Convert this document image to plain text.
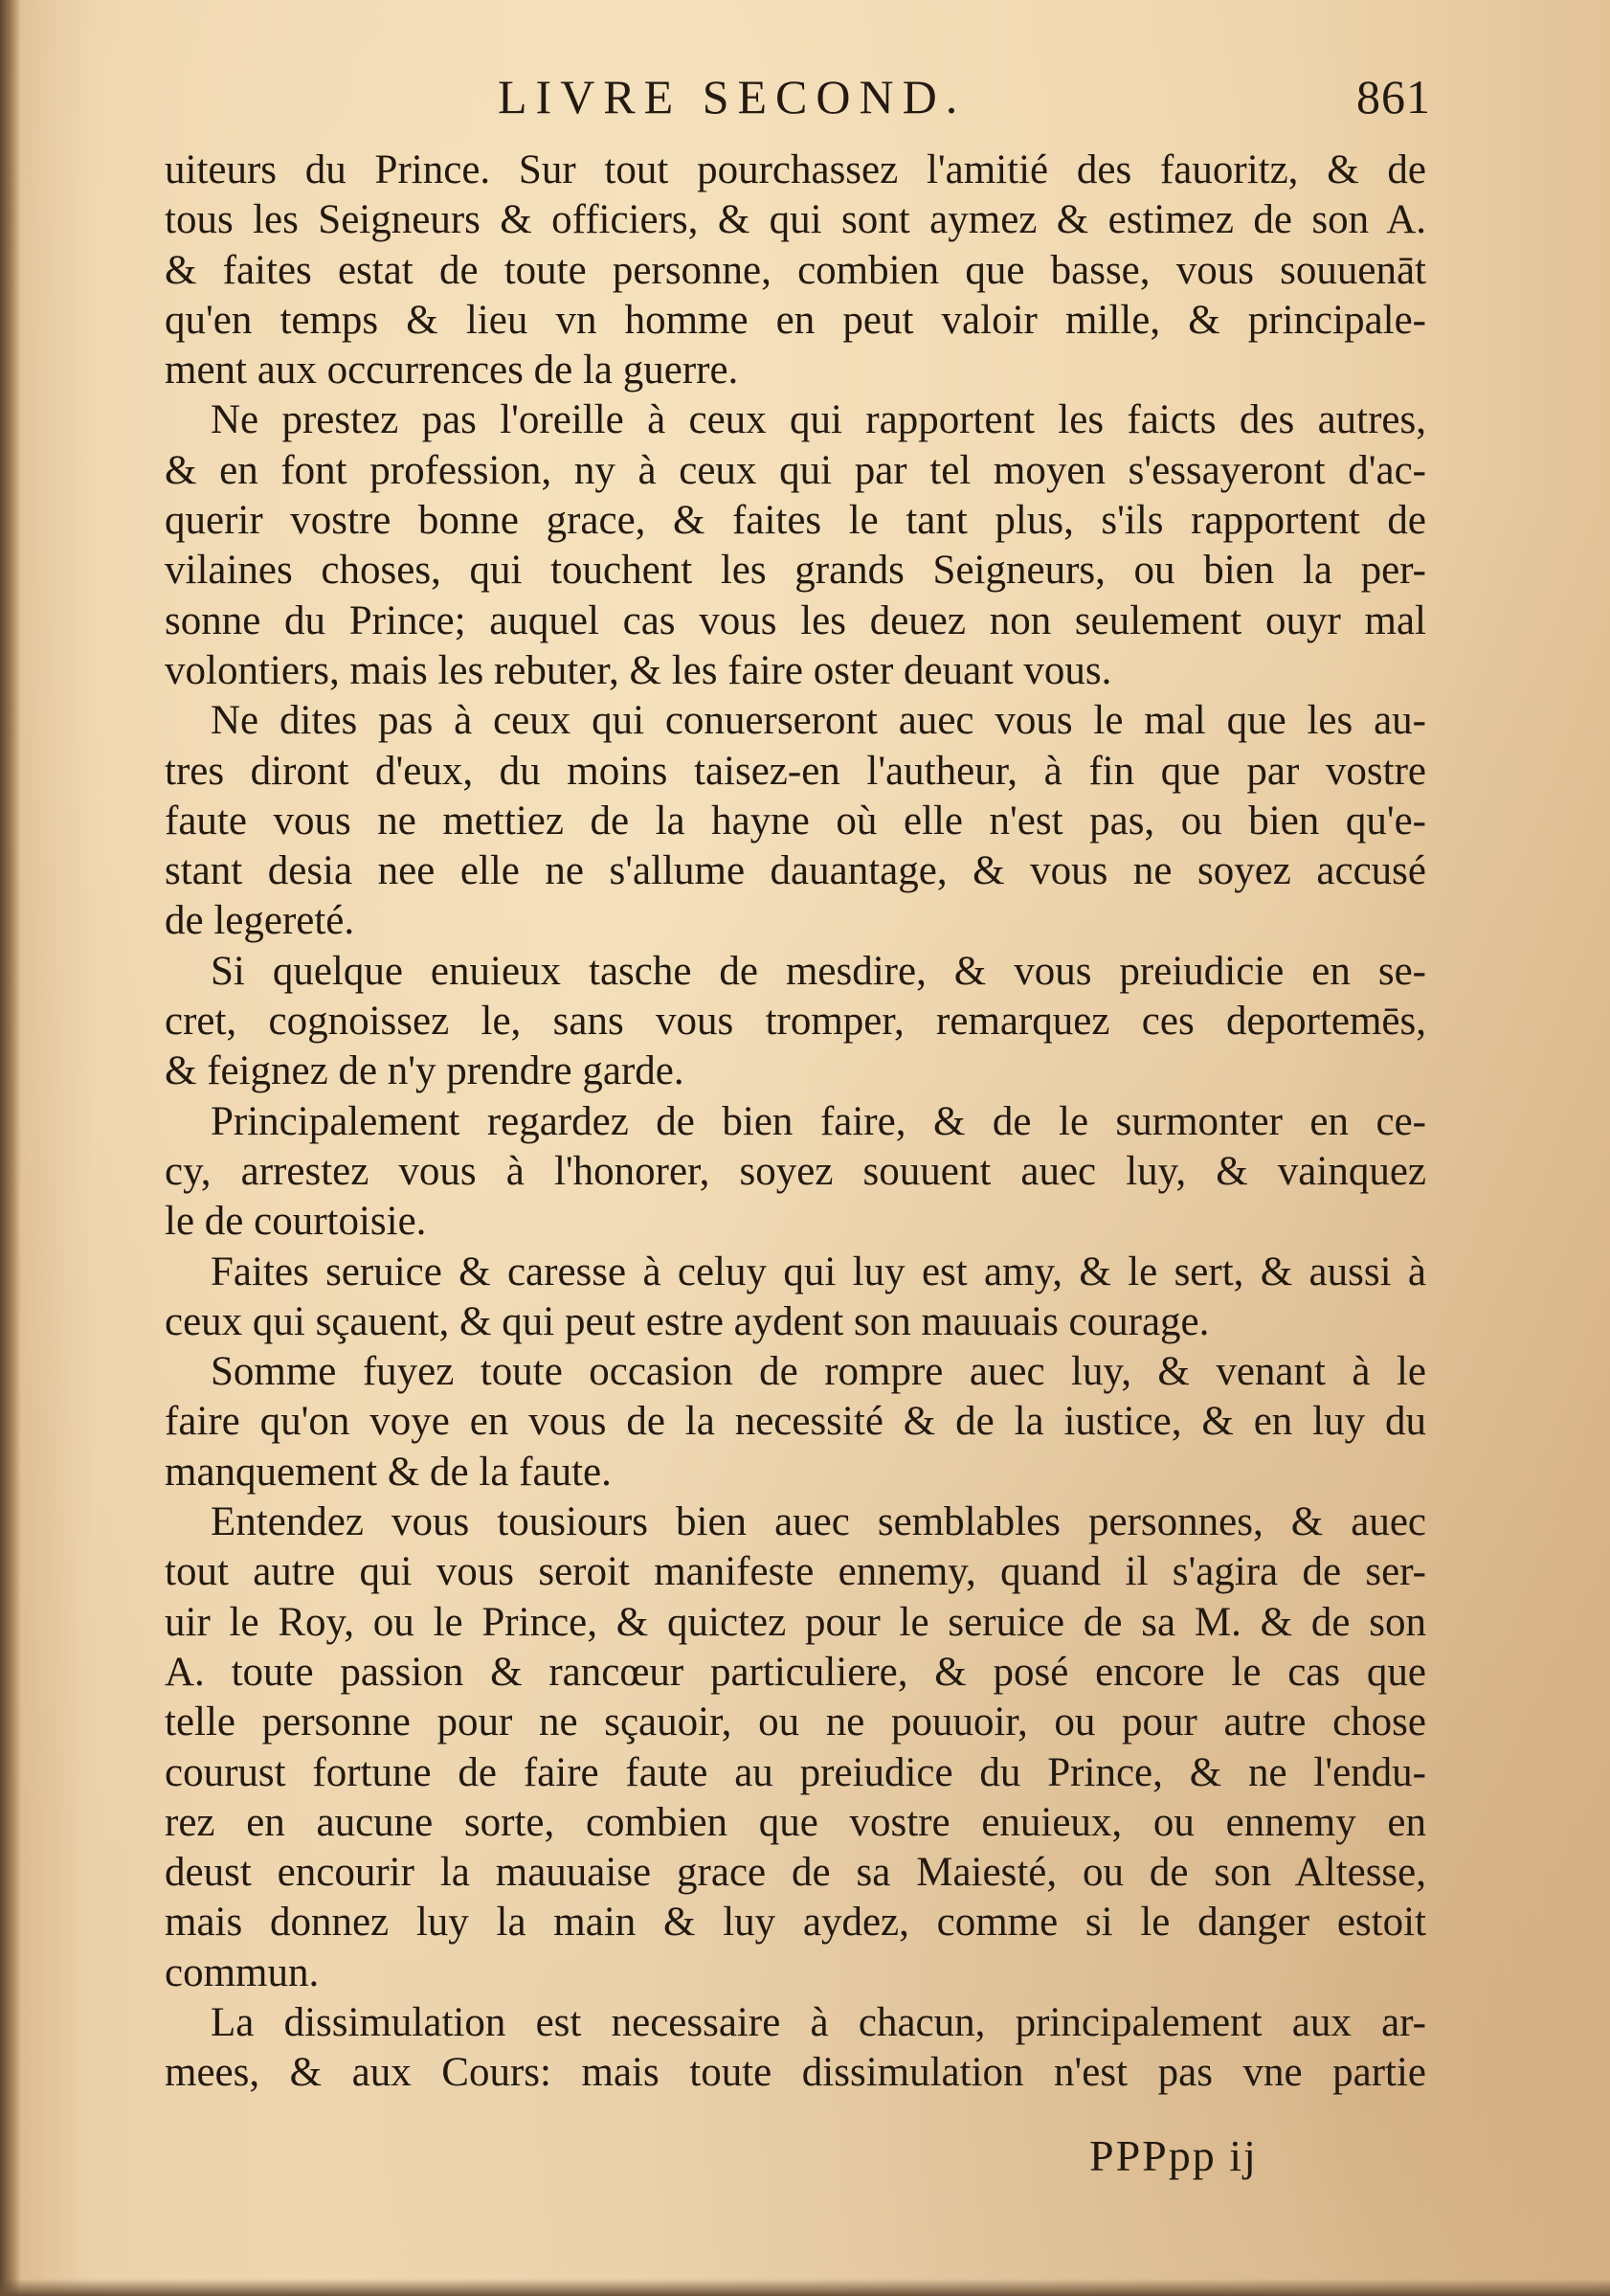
LIVRE SECOND.	861
uiteurs du Prince. Sur tout pourchassez l'amitié des fauoritz, & de
tous les Seigneurs & officiers, & qui sont aymez & estimez de son A.
& faites estat de toute personne, combien que basse, vous souuenāt
qu'en temps & lieu vn homme en peut valoir mille, & principale-
ment aux occurrences de la guerre.
Ne prestez pas l'oreille à ceux qui rapportent les faicts des autres,
& en font profession, ny à ceux qui par tel moyen s'essayeront d'ac-
querir vostre bonne grace, & faites le tant plus, s'ils rapportent de
vilaines choses, qui touchent les grands Seigneurs, ou bien la per-
sonne du Prince; auquel cas vous les deuez non seulement ouyr mal
volontiers, mais les rebuter, & les faire oster deuant vous.
Ne dites pas à ceux qui conuerseront auec vous le mal que les au-
tres diront d'eux, du moins taisez-en l'autheur, à fin que par vostre
faute vous ne mettiez de la hayne où elle n'est pas, ou bien qu'e-
stant desia nee elle ne s'allume dauantage, & vous ne soyez accusé
de legereté.
Si quelque enuieux tasche de mesdire, & vous preiudicie en se-
cret, cognoissez le, sans vous tromper, remarquez ces deportemēs,
& feignez de n'y prendre garde.
Principalement regardez de bien faire, & de le surmonter en ce-
cy, arrestez vous à l'honorer, soyez souuent auec luy, & vainquez
le de courtoisie.
Faites seruice & caresse à celuy qui luy est amy, & le sert, & aussi à
ceux qui sçauent, & qui peut estre aydent son mauuais courage.
Somme fuyez toute occasion de rompre auec luy, & venant à le
faire qu'on voye en vous de la necessité & de la iustice, & en luy du
manquement & de la faute.
Entendez vous tousiours bien auec semblables personnes, & auec
tout autre qui vous seroit manifeste ennemy, quand il s'agira de ser-
uir le Roy, ou le Prince, & quictez pour le seruice de sa M. & de son
A. toute passion & rancœur particuliere, & posé encore le cas que
telle personne pour ne sçauoir, ou ne pouuoir, ou pour autre chose
courust fortune de faire faute au preiudice du Prince, & ne l'endu-
rez en aucune sorte, combien que vostre enuieux, ou ennemy en
deust encourir la mauuaise grace de sa Maiesté, ou de son Altesse,
mais donnez luy la main & luy aydez, comme si le danger estoit
commun.
La dissimulation est necessaire à chacun, principalement aux ar-
mees, & aux Cours: mais toute dissimulation n'est pas vne partie
PPPpp ij
